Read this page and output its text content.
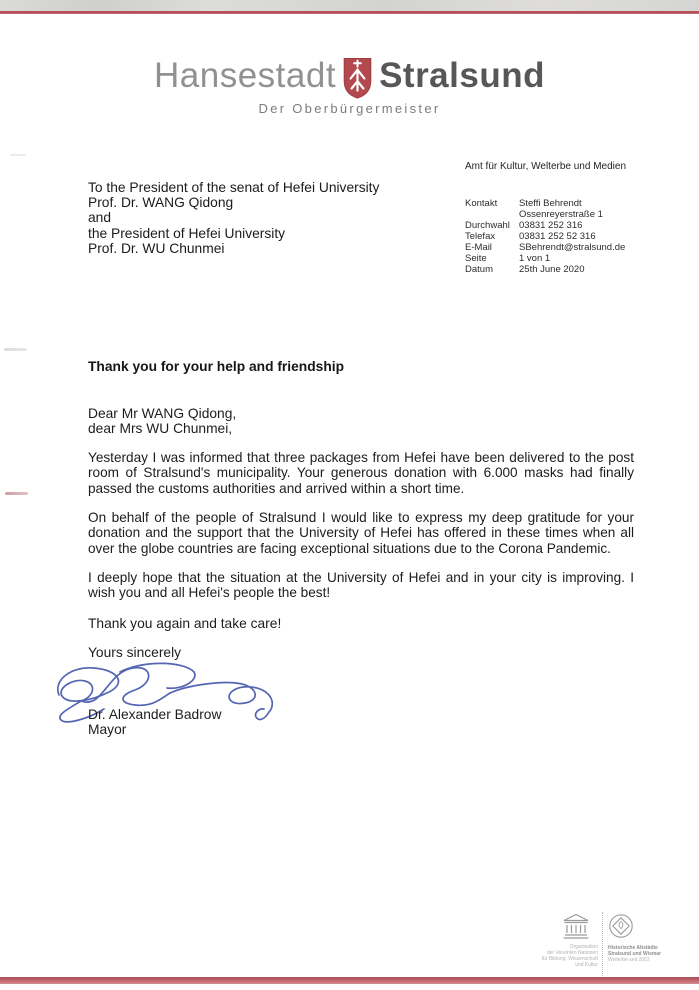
Hansestadt Stralsund
Der Oberbürgermeister
Amt für Kultur, Welterbe und Medien
To the President of the senat of Hefei University
Prof. Dr. WANG Qidong
and
the President of Hefei University
Prof. Dr. WU Chunmei
Kontakt Steffi Behrendt
Ossenreyerstraße 1
Durchwahl 03831 252 316
Telefax	03831 252 52 316
E-Mail	SBehrendt@stralsund.de
Seite	1 von 1
Datum	25th June 2020
Thank you for your help and friendship
Dear Mr WANG Qidong,
dear Mrs WU Chunmei,

Yesterday I was informed that three packages from Hefei have been delivered to the post room of Stralsund's municipality. Your generous donation with 6.000 masks had finally passed the customs authorities and arrived within a short time.

On behalf of the people of Stralsund I would like to express my deep gratitude for your donation and the support that the University of Hefei has offered in these times when all over the globe countries are facing exceptional situations due to the Corona Pandemic.

I deeply hope that the situation at the University of Hefei and in your city is improving. I wish you and all Hefei's people the best!

Thank you again and take care!
Yours sincerely
Dr. Alexander Badrow
Mayor
Organisation
der Vereinten Nationen
für Bildung, Wissenschaft
und Kultur
Historische Altstädte
Stralsund und Wismar
Welterbe seit 2002
